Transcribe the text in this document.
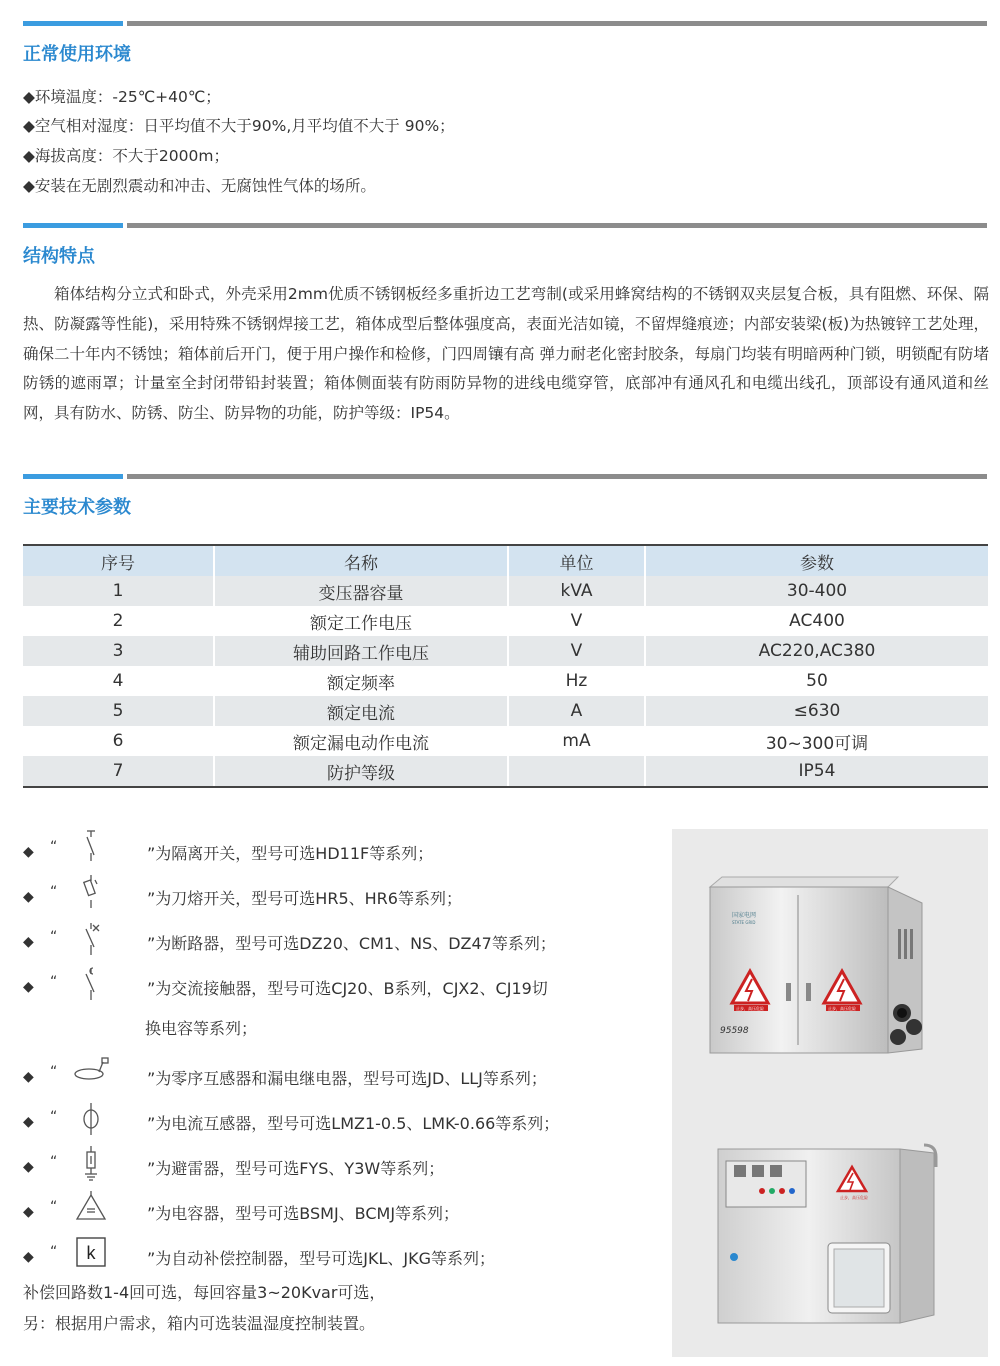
正常使用环境
◆环境温度：-25℃+40℃；
◆空气相对湿度：日平均值不大于90%,月平均值不大于 90%；
◆海拔高度：不大于2000m；
◆安装在无剧烈震动和冲击、无腐蚀性气体的场所。
结构特点
箱体结构分立式和卧式，外壳采用2mm优质不锈钢板经多重折边工艺弯制(或采用蜂窝结构的不锈钢双夹层复合板，具有阻燃、环保、隔热、防凝露等性能)，采用特殊不锈钢焊接工艺，箱体成型后整体强度高，表面光洁如镜，不留焊缝痕迹；内部安装梁(板)为热镀锌工艺处理，确保二十年内不锈蚀；箱体前后开门，便于用户操作和检修，门四周镶有高 弹力耐老化密封胶条，每扇门均装有明暗两种门锁，明锁配有防堵防锈的遮雨罩；计量室全封闭带铅封装置；箱体侧面装有防雨防异物的进线电缆穿管，底部冲有通风孔和电缆出线孔，顶部设有通风道和丝网，具有防水、防锈、防尘、防异物的功能，防护等级：IP54。
主要技术参数
序号	名称	单位	参数
1	变压器容量	kVA	30-400
2	额定工作电压	V	AC400
3	辅助回路工作电压	V	AC220,AC380
4	额定频率	Hz	50
5	额定电流	A	≤630
6	额定漏电动作电流	mA	30~300可调
7	防护等级		IP54
◆ “	”为隔离开关，型号可选HD11F等系列；
◆ “	”为刀熔开关，型号可选HR5、HR6等系列；
◆ “	”为断路器，型号可选DZ20、CM1、NS、DZ47等系列；
◆ “	”为交流接触器，型号可选CJ20、B系列，CJX2、CJ19切
换电容等系列；
◆ “	”为零序互感器和漏电继电器，型号可选JD、LLJ等系列；
◆ “	”为电流互感器，型号可选LMZ1-0.5、LMK-0.66等系列；
◆ “	”为避雷器，型号可选FYS、Y3W等系列；
◆ “	”为电容器，型号可选BSMJ、BCMJ等系列；
◆ “ k	”为自动补偿控制器，型号可选JKL、JKG等系列；
补偿回路数1-4回可选，每回容量3~20Kvar可选，
另：根据用户需求，箱内可选装温湿度控制装置。
国家电网
STATE GRID
止步，高压危险	止步，高压危险
95598
止步，高压危险
